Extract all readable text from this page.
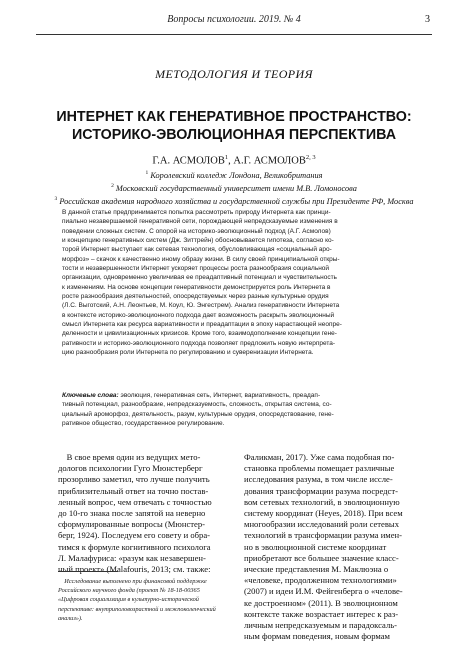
Вопросы психологии. 2019. № 4	3
МЕТОДОЛОГИЯ И ТЕОРИЯ
ИНТЕРНЕТ КАК ГЕНЕРАТИВНОЕ ПРОСТРАНСТВО:
ИСТОРИКО-ЭВОЛЮЦИОННАЯ ПЕРСПЕКТИВА
Г.А. АСМОЛОВ$^1$, А.Г. АСМОЛОВ$^{2, 3}$
$^1$ Королевский колледж Лондона, Великобритания
$^2$ Московский государственный университет имени М.В. Ломоносова
$^3$ Российская академия народного хозяйства и государственной службы при Президенте РФ, Москва
В данной статье предпринимается попытка рассмотреть природу Интернета как принци-
пиально незавершаемой генеративной сети, порождающей непредсказуемые изменения в
поведении сложных систем. С опорой на историко-эволюционный подход (А.Г. Асмолов)
и концепцию генеративных систем (Дж. Зиттрейн) обосновывается гипотеза, согласно ко-
торой Интернет выступает как сетевая технология, обусловливающая «социальный аро-
морфоз» – скачок к качественно иному образу жизни. В силу своей принципиальной откры-
тости и незавершенности Интернет ускоряет процессы роста разнообразия социальной
организации, одновременно увеличивая ее преадаптивный потенциал и чувствительность
к изменениям. На основе концепции генеративности демонстрируется роль Интернета в
росте разнообразия деятельностей, опосредствуемых через разные культурные орудия
(Л.С. Выготский, А.Н. Леонтьев, М. Коул, Ю. Энгестрем). Анализ генеративности Интернета
в контексте историко-эволюционного подхода дает возможность раскрыть эволюционный
смысл Интернета как ресурса вариативности и преадаптации в эпоху нарастающей неопре-
деленности и цивилизационных кризисов. Кроме того, взаимодополнение концепции гене-
ративности и историко-эволюционного подхода позволяет предложить новую интерпрета-
цию разнообразия роли Интернета по регулированию и суверенизации Интернета.
Ключевые слова: эволюция, генеративная сеть, Интернет, вариативность, преадап-
тивный потенциал, разнообразие, непредсказуемость, сложность, открытая система, со-
циальный ароморфоз, деятельность, разум, культурные орудия, опосредствование, гене-
ративное общество, государственное регулирование.
В свое время один из ведущих мето-
дологов психологии Гуго Мюнстерберг
прозорливо заметил, что лучше получить
приблизительный ответ на точно постав-
ленный вопрос, чем отвечать с точностью
до 10-го знака после запятой на неверно
сформулированные вопросы (Мюнстер-
берг, 1924). Последуем его совету и обра-
тимся к формуле когнитивного психолога
Л. Малафуриса: «разум как незавершен-
ный проект» (Malafouris, 2013; см. также:
Исследование выполнено при финансовой поддержке
Российского научного фонда (проект № 18-18-00365
«Цифровая социализация в культурно-исторической
перспективе: внутриполовозрастной и межпоколенческий
анализ»).
Фаликман, 2017). Уже сама подобная по-
становка проблемы помещает различные
исследования разума, в том числе иссле-
дования трансформации разума посредст-
вом сетевых технологий, в эволюционную
систему координат (Heyes, 2018). При всем
многообразии исследований роли сетевых
технологий в трансформации разума имен-
но в эволюционной системе координат
приобретают все большее значение класс-
ические представления М. Маклюэна о
«человеке, продолженном технологиями»
(2007) и идеи И.М. Фейгенберга о «челове-
ке достроенном» (2011). В эволюционном
контексте также возрастает интерес к раз-
личным непредсказуемым и парадоксаль-
ным формам поведения, новым формам
